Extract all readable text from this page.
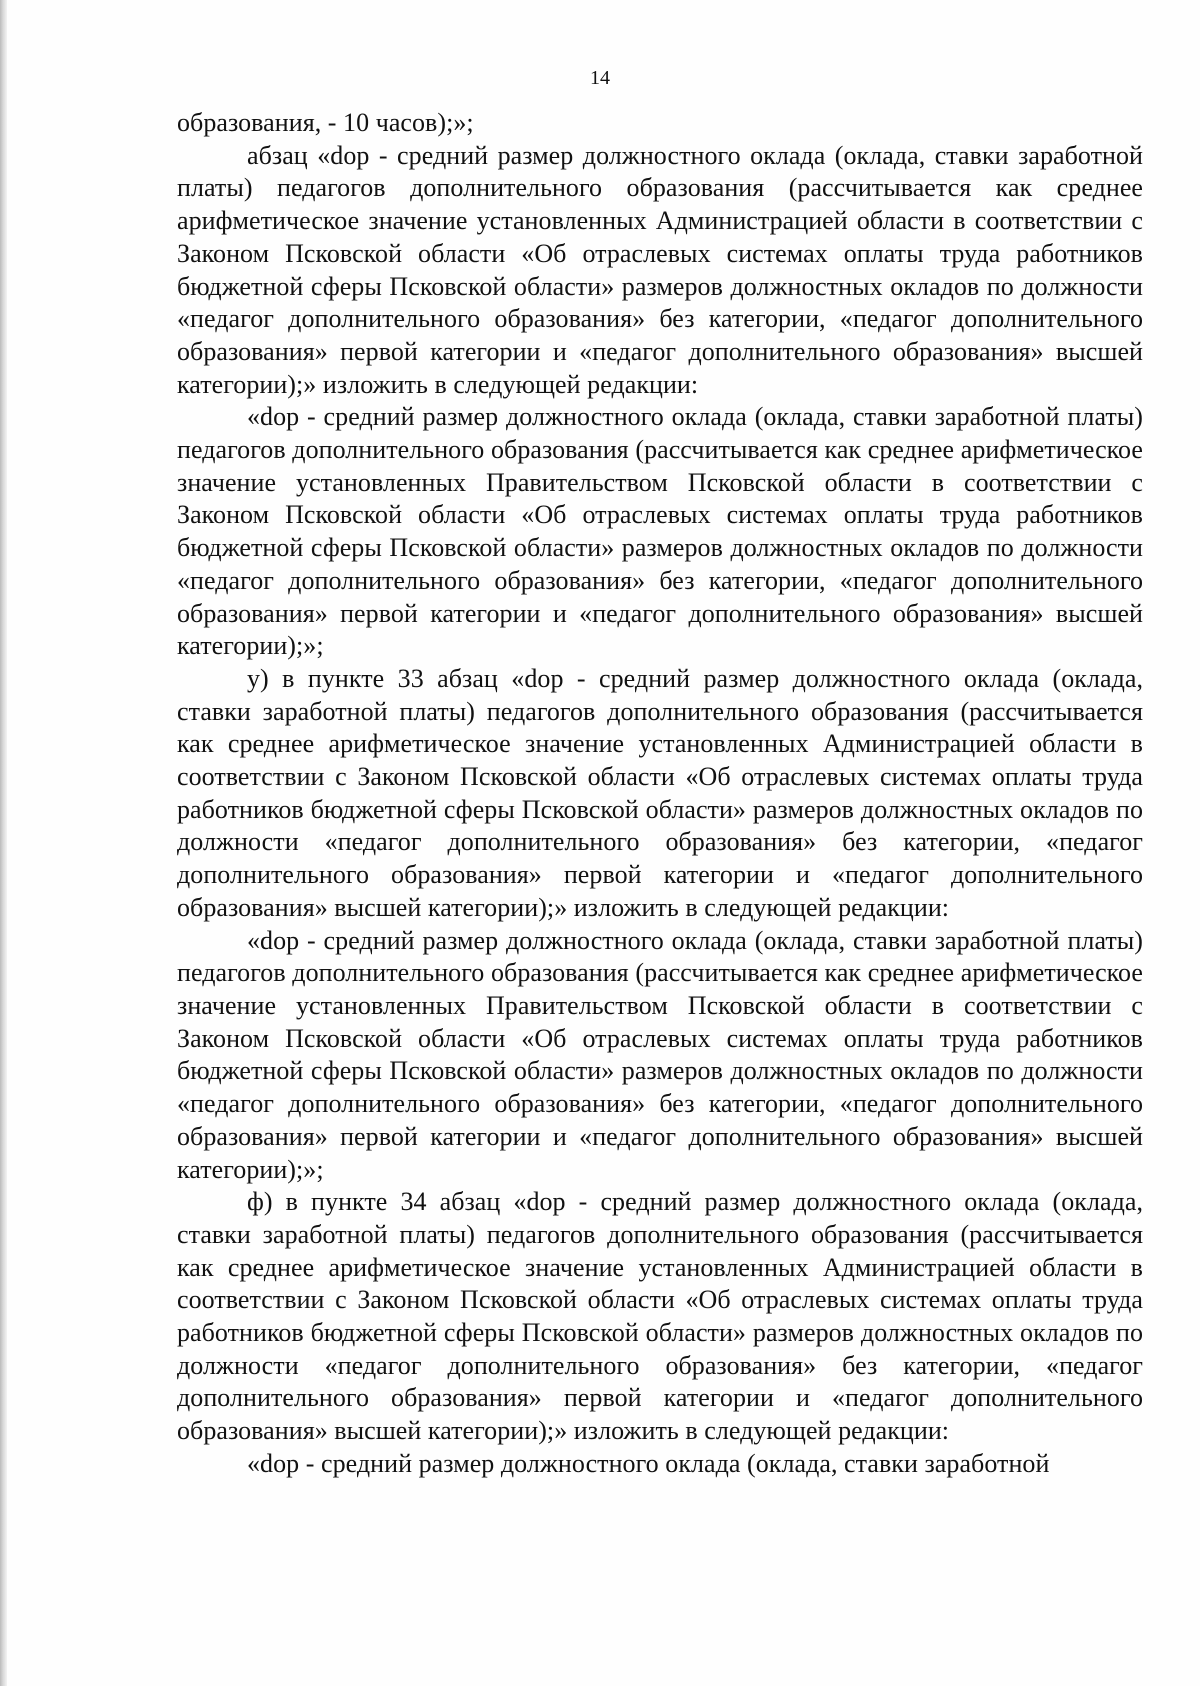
14

образования, - 10 часов);»;

абзац «dop - средний размер должностного оклада (оклада, ставки заработной платы) педагогов дополнительного образования (рассчитывается как среднее арифметическое значение установленных Администрацией области в соответствии с Законом Псковской области «Об отраслевых системах оплаты труда работников бюджетной сферы Псковской области» размеров должностных окладов по должности «педагог дополнительного образования» без категории, «педагог дополнительного образования» первой категории и «педагог дополнительного образования» высшей категории);» изложить в следующей редакции:

«dop - средний размер должностного оклада (оклада, ставки заработной платы) педагогов дополнительного образования (рассчитывается как среднее арифметическое значение установленных Правительством Псковской области в соответствии с Законом Псковской области «Об отраслевых системах оплаты труда работников бюджетной сферы Псковской области» размеров должностных окладов по должности «педагог дополнительного образования» без категории, «педагог дополнительного образования» первой категории и «педагог дополнительного образования» высшей категории);»;

у) в пункте 33 абзац «dop - средний размер должностного оклада (оклада, ставки заработной платы) педагогов дополнительного образования (рассчитывается как среднее арифметическое значение установленных Администрацией области в соответствии с Законом Псковской области «Об отраслевых системах оплаты труда работников бюджетной сферы Псковской области» размеров должностных окладов по должности «педагог дополнительного образования» без категории, «педагог дополнительного образования» первой категории и «педагог дополнительного образования» высшей категории);» изложить в следующей редакции:

«dop - средний размер должностного оклада (оклада, ставки заработной платы) педагогов дополнительного образования (рассчитывается как среднее арифметическое значение установленных Правительством Псковской области в соответствии с Законом Псковской области «Об отраслевых системах оплаты труда работников бюджетной сферы Псковской области» размеров должностных окладов по должности «педагог дополнительного образования» без категории, «педагог дополнительного образования» первой категории и «педагог дополнительного образования» высшей категории);»;

ф) в пункте 34 абзац «dop - средний размер должностного оклада (оклада, ставки заработной платы) педагогов дополнительного образования (рассчитывается как среднее арифметическое значение установленных Администрацией области в соответствии с Законом Псковской области «Об отраслевых системах оплаты труда работников бюджетной сферы Псковской области» размеров должностных окладов по должности «педагог дополнительного образования» без категории, «педагог дополнительного образования» первой категории и «педагог дополнительного образования» высшей категории);» изложить в следующей редакции:

«dop - средний размер должностного оклада (оклада, ставки заработной
